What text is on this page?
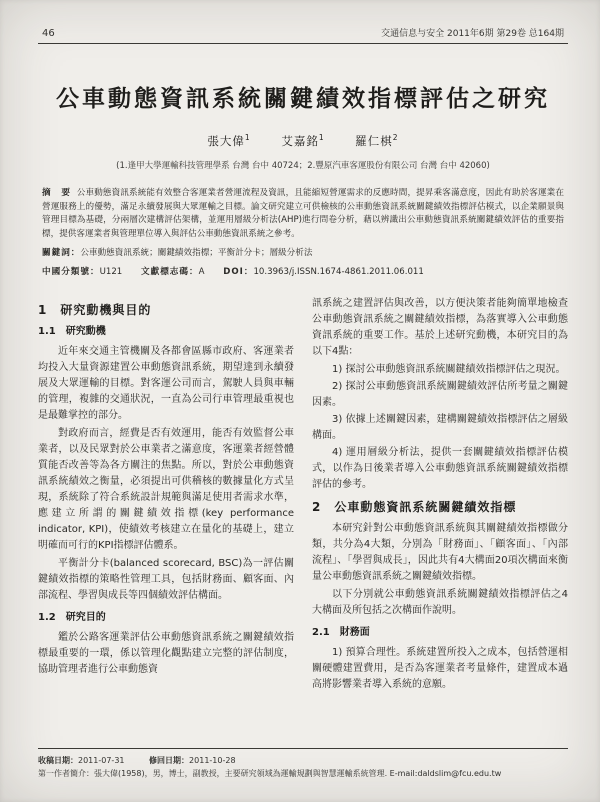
46	交通信息与安全 2011年6期 第29卷 总164期
公車動態資訊系統關鍵績效指標評估之研究
張大偉$^1$	艾嘉銘$^1$	羅仁棋$^2$
(1.逢甲大學運輸科技管理學系 台灣 台中 40724；2.豐原汽車客運股份有限公司 台灣 台中 42060)
摘　要 公車動態資訊系統能有效整合客運業者營運流程及資訊，且能縮短營運需求的反應時間，提昇乘客滿意度，因此有助於客運業在營運服務上的優勢，滿足永續發展與大眾運輸之目標。論文研究建立可供檢核的公車動態資訊系統關鍵績效指標評估模式，以企業願景與管理目標為基礎，分兩層次建構評估架構，並運用層級分析法(AHP)進行問卷分析，藉以辨識出公車動態資訊系統關鍵績效評估的重要指標，提供客運業者與管理單位導入與評估公車動態資訊系統之參考。
關鍵詞：公車動態資訊系統；關鍵績效指標；平衡計分卡；層級分析法
中國分類號：U121 文獻標志碼：A DOI：10.3963/j.ISSN.1674-4861.2011.06.011
1　研究動機與目的
1.1　研究動機

近年來交通主管機關及各都會區縣市政府、客運業者均投入大量資源建置公車動態資訊系統，期望達到永續發展及大眾運輸的目標。對客運公司而言，駕駛人員與車輛的管理，複雜的交通狀況，一直為公司行車管理最重視也是最難掌控的部分。

對政府而言，經費是否有效運用，能否有效監督公車業者，以及民眾對於公車業者之滿意度，客運業者經營體質能否改善等為各方關注的焦點。所以，對於公車動態資訊系統績效之衡量，必須提出可供稽核的數據量化方式呈現，系統除了符合系統設計規範與滿足使用者需求水準，應建立所謂的關鍵績效指標(key performance indicator, KPI)，使績效考核建立在量化的基礎上，建立明確而可行的KPI指標評估體系。

平衡計分卡(balanced scorecard, BSC)為一評估關鍵績效指標的策略性管理工具，包括財務面、顧客面、內部流程、學習與成長等四個績效評估構面。

1.2　研究目的

鑑於公路客運業評估公車動態資訊系統之關鍵績效指標最重要的一環，係以管理化觀點建立完整的評估制度，協助管理者進行公車動態資

訊系統之建置評估與改善，以方便決策者能夠簡單地檢查公車動態資訊系統之關鍵績效指標，為落實導入公車動態資訊系統的重要工作。基於上述研究動機，本研究目的為以下4點：

1) 探討公車動態資訊系統關鍵績效指標評估之現況。
2) 探討公車動態資訊系統關鍵績效評估所考量之關鍵因素。
3) 依據上述關鍵因素，建構關鍵績效指標評估之層級構面。
4) 運用層級分析法，提供一套關鍵績效指標評估模式，以作為日後業者導入公車動態資訊系統關鍵績效指標評估的參考。
2　公車動態資訊系統關鍵績效指標

本研究針對公車動態資訊系統與其關鍵績效指標做分類，共分為4大類，分別為「財務面」、「顧客面」、「內部流程」、「學習與成長」，因此共有4大構面20項次構面來衡量公車動態資訊系統之關鍵績效指標。

以下分別就公車動態資訊系統關鍵績效指標評估之4大構面及所包括之次構面作說明。

2.1　財務面

1) 預算合理性。系統建置所投入之成本，包括營運相關硬體建置費用，是否為客運業者考量條件，建置成本過高將影響業者導入系統的意願。

收稿日期：2011-07-31	修回日期：2011-10-28
第一作者簡介：張大偉(1958)，男，博士，副教授，主要研究領域為運輸規劃與智慧運輸系統管理. E-mail:daldslim@fcu.edu.tw
